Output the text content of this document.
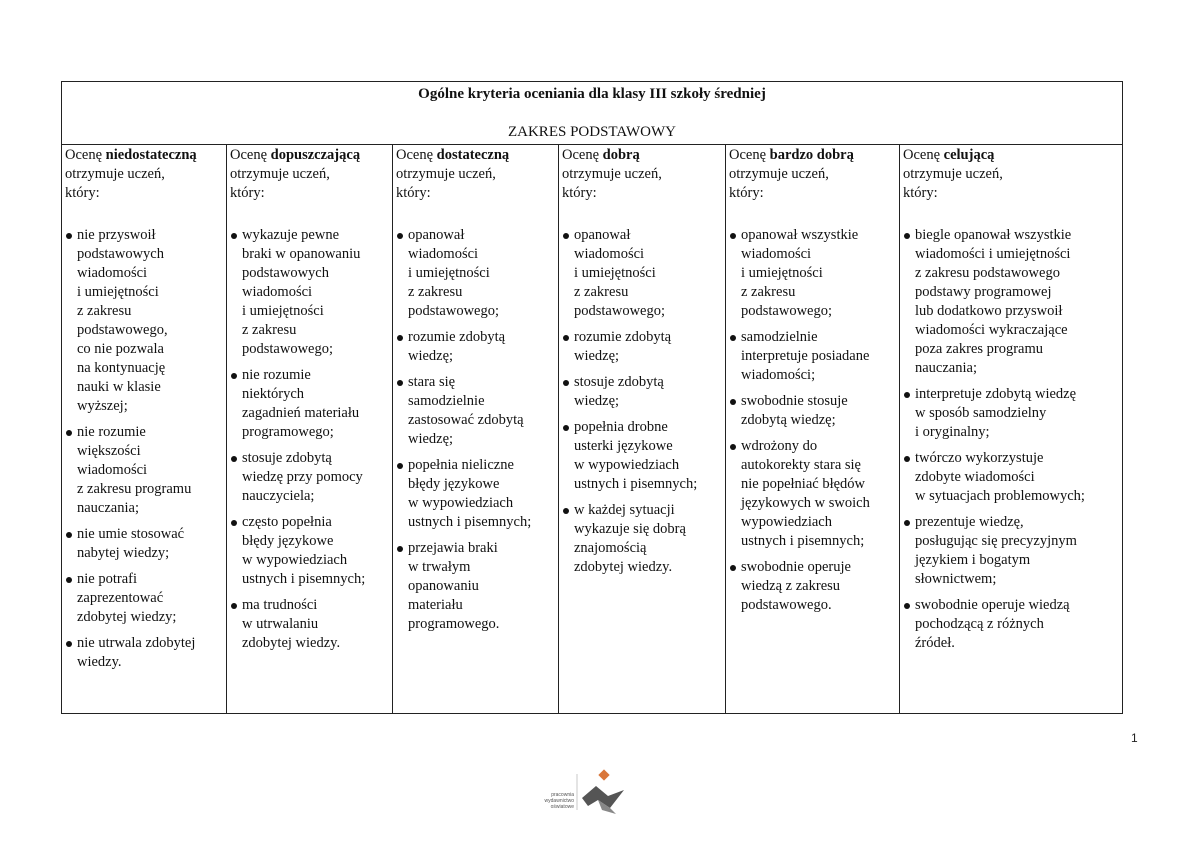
Ogólne kryteria oceniania dla klasy III szkoły średniej
ZAKRES PODSTAWOWY
Ocenę niedostateczną
otrzymuje uczeń,
który:
nie przyswoił
podstawowych
wiadomości
i umiejętności
z zakresu
podstawowego,
co nie pozwala
na kontynuację
nauki w klasie
wyższej;
nie rozumie
większości
wiadomości
z zakresu programu
nauczania;
nie umie stosować
nabytej wiedzy;
nie potrafi
zaprezentować
zdobytej wiedzy;
nie utrwala zdobytej
wiedzy.
Ocenę dopuszczającą
otrzymuje uczeń,
który:
wykazuje pewne
braki w opanowaniu
podstawowych
wiadomości
i umiejętności
z zakresu
podstawowego;
nie rozumie
niektórych
zagadnień materiału
programowego;
stosuje zdobytą
wiedzę przy pomocy
nauczyciela;
często popełnia
błędy językowe
w wypowiedziach
ustnych i pisemnych;
ma trudności
w utrwalaniu
zdobytej wiedzy.
Ocenę dostateczną
otrzymuje uczeń,
który:
opanował
wiadomości
i umiejętności
z zakresu
podstawowego;
rozumie zdobytą
wiedzę;
stara się
samodzielnie
zastosować zdobytą
wiedzę;
popełnia nieliczne
błędy językowe
w wypowiedziach
ustnych i pisemnych;
przejawia braki
w trwałym
opanowaniu
materiału
programowego.
Ocenę dobrą
otrzymuje uczeń,
który:
opanował
wiadomości
i umiejętności
z zakresu
podstawowego;
rozumie zdobytą
wiedzę;
stosuje zdobytą
wiedzę;
popełnia drobne
usterki językowe
w wypowiedziach
ustnych i pisemnych;
w każdej sytuacji
wykazuje się dobrą
znajomością
zdobytej wiedzy.
Ocenę bardzo dobrą
otrzymuje uczeń,
który:
opanował wszystkie
wiadomości
i umiejętności
z zakresu
podstawowego;
samodzielnie
interpretuje posiadane
wiadomości;
swobodnie stosuje
zdobytą wiedzę;
wdrożony do
autokorekty stara się
nie popełniać błędów
językowych w swoich
wypowiedziach
ustnych i pisemnych;
swobodnie operuje
wiedzą z zakresu
podstawowego.
Ocenę celującą
otrzymuje uczeń,
który:
biegle opanował wszystkie
wiadomości i umiejętności
z zakresu podstawowego
podstawy programowej
lub dodatkowo przyswoił
wiadomości wykraczające
poza zakres programu
nauczania;
interpretuje zdobytą wiedzę
w sposób samodzielny
i oryginalny;
twórczo wykorzystuje
zdobyte wiadomości
w sytuacjach problemowych;
prezentuje wiedzę,
posługując się precyzyjnym
językiem i bogatym
słownictwem;
swobodnie operuje wiedzą
pochodzącą z różnych
źródeł.
1
pracownia
wydawnictwo
oświatowe
